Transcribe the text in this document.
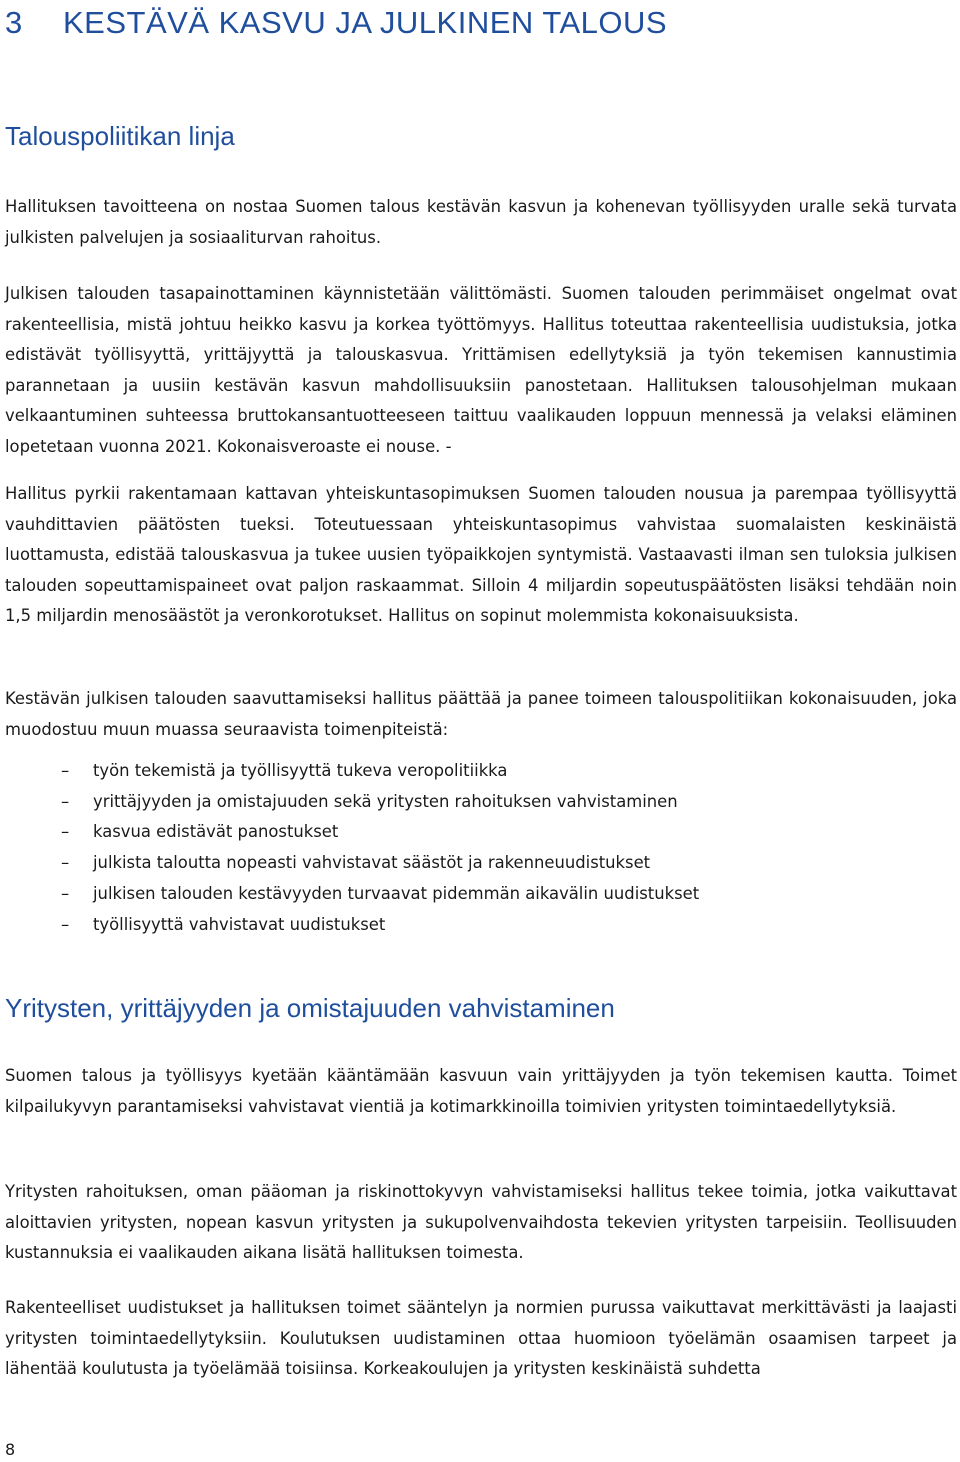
3 KESTÄVÄ KASVU JA JULKINEN TALOUS
Talouspoliitikan linja

Hallituksen tavoitteena on nostaa Suomen talous kestävän kasvun ja kohenevan työllisyyden uralle sekä turvata julkisten palvelujen ja sosiaaliturvan rahoitus.

Julkisen talouden tasapainottaminen käynnistetään välittömästi. Suomen talouden perimmäiset ongelmat ovat rakenteellisia, mistä johtuu heikko kasvu ja korkea työttömyys. Hallitus toteuttaa rakenteellisia uudistuksia, jotka edistävät työllisyyttä, yrittäjyyttä ja talouskasvua. Yrittämisen edellytyksiä ja työn tekemisen kannustimia parannetaan ja uusiin kestävän kasvun mahdollisuuksiin panostetaan. Hallituksen talousohjelman mukaan velkaantuminen suhteessa bruttokansantuotteeseen taittuu vaalikauden loppuun mennessä ja velaksi eläminen lopetetaan vuonna 2021. Kokonaisveroaste ei nouse. -

Hallitus pyrkii rakentamaan kattavan yhteiskuntasopimuksen Suomen talouden nousua ja parempaa työllisyyttä vauhdittavien päätösten tueksi. Toteutuessaan yhteiskuntasopimus vahvistaa suomalaisten keskinäistä luottamusta, edistää talouskasvua ja tukee uusien työpaikkojen syntymistä. Vastaavasti ilman sen tuloksia julkisen talouden sopeuttamispaineet ovat paljon raskaammat. Silloin 4 miljardin sopeutuspäätösten lisäksi tehdään noin 1,5 miljardin menosäästöt ja veronkorotukset. Hallitus on sopinut molemmista kokonaisuuksista.

Kestävän julkisen talouden saavuttamiseksi hallitus päättää ja panee toimeen talouspolitiikan kokonaisuuden, joka muodostuu muun muassa seuraavista toimenpiteistä:

– työn tekemistä ja työllisyyttä tukeva veropolitiikka
– yrittäjyyden ja omistajuuden sekä yritysten rahoituksen vahvistaminen
– kasvua edistävät panostukset
– julkista taloutta nopeasti vahvistavat säästöt ja rakenneuudistukset
– julkisen talouden kestävyyden turvaavat pidemmän aikavälin uudistukset
– työllisyyttä vahvistavat uudistukset
Yritysten, yrittäjyyden ja omistajuuden vahvistaminen

Suomen talous ja työllisyys kyetään kääntämään kasvuun vain yrittäjyyden ja työn tekemisen kautta. Toimet kilpailukyvyn parantamiseksi vahvistavat vientiä ja kotimarkkinoilla toimivien yritysten toimintaedellytyksiä.

Yritysten rahoituksen, oman pääoman ja riskinottokyvyn vahvistamiseksi hallitus tekee toimia, jotka vaikuttavat aloittavien yritysten, nopean kasvun yritysten ja sukupolvenvaihdosta tekevien yritysten tarpeisiin. Teollisuuden kustannuksia ei vaalikauden aikana lisätä hallituksen toimesta.

Rakenteelliset uudistukset ja hallituksen toimet sääntelyn ja normien purussa vaikuttavat merkittävästi ja laajasti yritysten toimintaedellytyksiin. Koulutuksen uudistaminen ottaa huomioon työelämän osaamisen tarpeet ja lähentää koulutusta ja työelämää toisiinsa. Korkeakoulujen ja yritysten keskinäistä suhdetta

8
